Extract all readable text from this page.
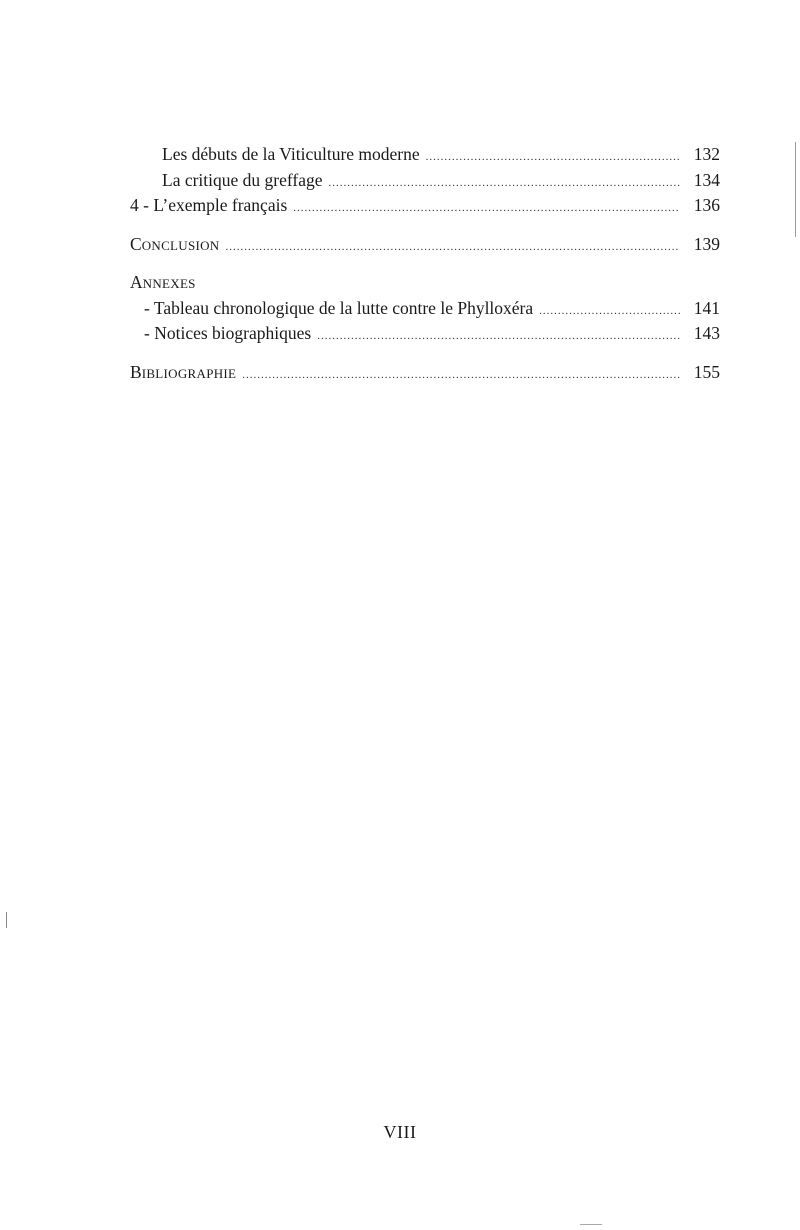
Les débuts de la Viticulture moderne .....	132
La critique du greffage .....	134
4 - L’exemple français .....	136
CONCLUSION .....	139
ANNEXES
- Tableau chronologique de la lutte contre le Phylloxéra .....	141
- Notices biographiques .....	143
BIBLIOGRAPHIE .....	155
VIII
